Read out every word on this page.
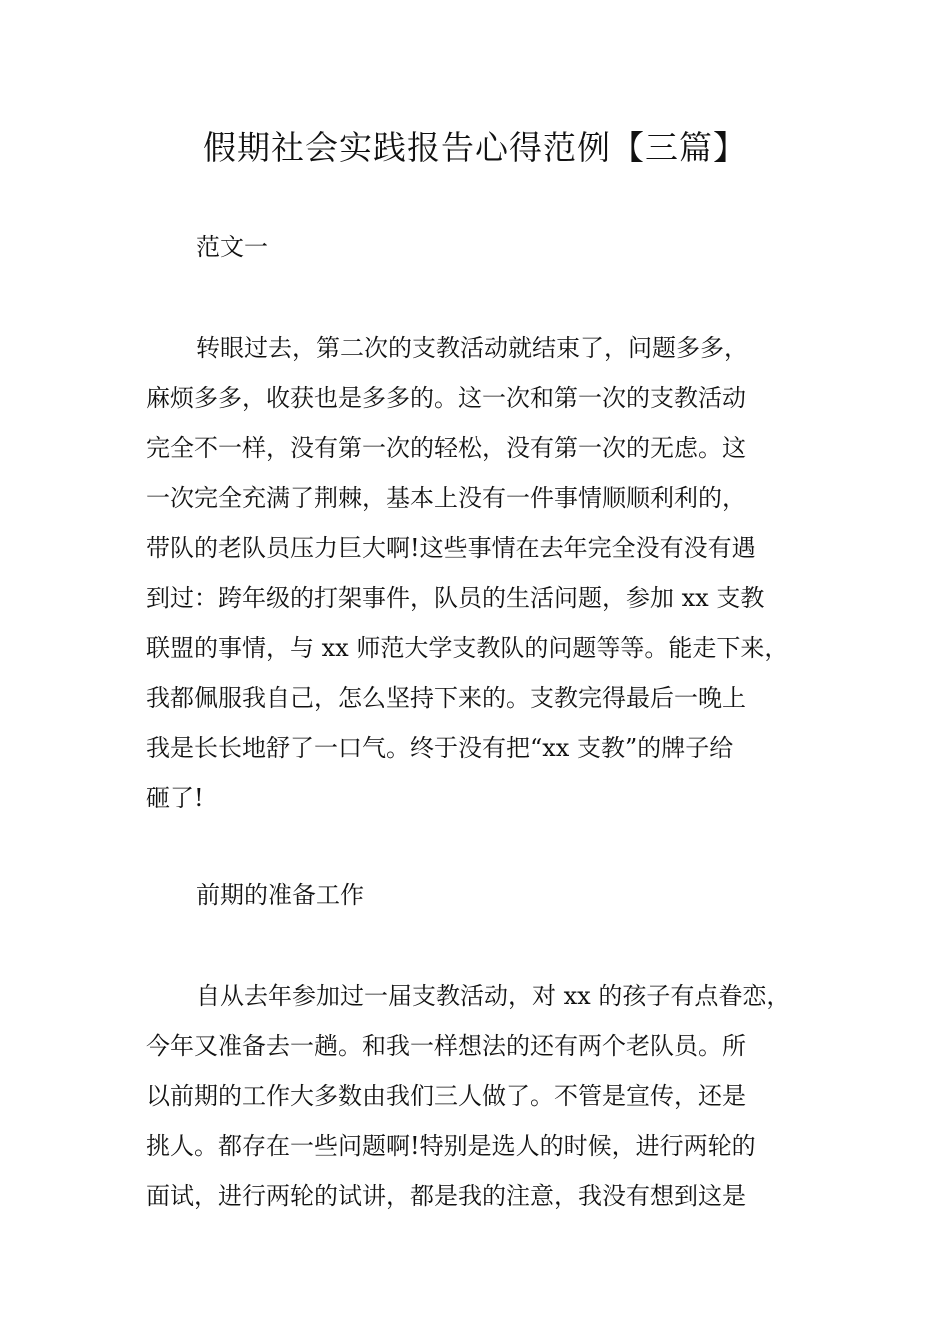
假期社会实践报告心得范例【三篇】
范文一
转眼过去，第二次的支教活动就结束了，问题多多，
麻烦多多，收获也是多多的。这一次和第一次的支教活动
完全不一样，没有第一次的轻松，没有第一次的无虑。这
一次完全充满了荆棘，基本上没有一件事情顺顺利利的，
带队的老队员压力巨大啊!这些事情在去年完全没有没有遇
到过：跨年级的打架事件，队员的生活问题，参加 xx 支教
联盟的事情，与 xx 师范大学支教队的问题等等。能走下来，
我都佩服我自己，怎么坚持下来的。支教完得最后一晚上
我是长长地舒了一口气。终于没有把“xx 支教”的牌子给
砸了!
前期的准备工作
自从去年参加过一届支教活动，对 xx 的孩子有点眷恋，
今年又准备去一趟。和我一样想法的还有两个老队员。所
以前期的工作大多数由我们三人做了。不管是宣传，还是
挑人。都存在一些问题啊!特别是选人的时候，进行两轮的
面试，进行两轮的试讲，都是我的注意，我没有想到这是
